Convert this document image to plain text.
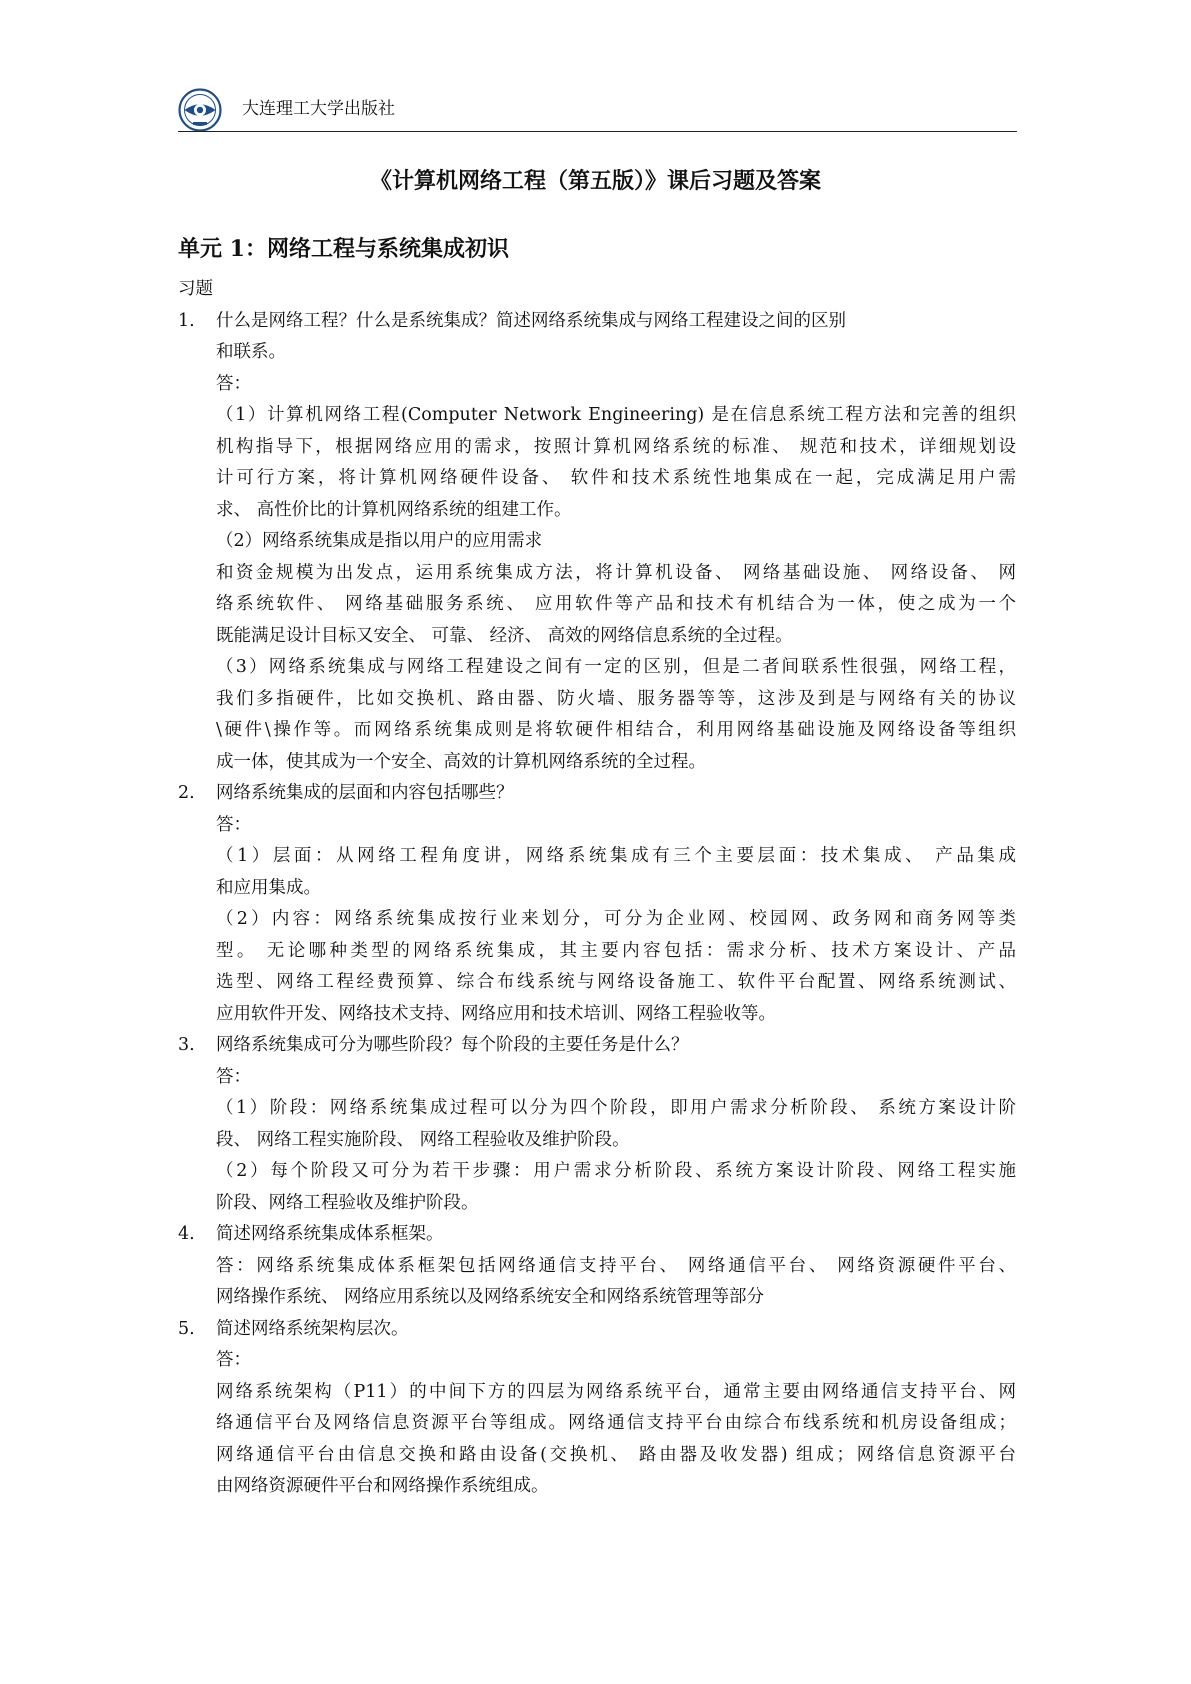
大连理工大学出版社
《计算机网络工程（第五版）》课后习题及答案
单元 1：网络工程与系统集成初识
习题
1. 什么是网络工程？什么是系统集成？简述网络系统集成与网络工程建设之间的区别
和联系。
答：
（1）计算机网络工程(Computer Network Engineering) 是在信息系统工程方法和完善的组织
机构指导下，根据网络应用的需求，按照计算机网络系统的标准、 规范和技术，详细规划设
计可行方案，将计算机网络硬件设备、 软件和技术系统性地集成在一起，完成满足用户需
求、 高性价比的计算机网络系统的组建工作。
（2）网络系统集成是指以用户的应用需求
和资金规模为出发点，运用系统集成方法，将计算机设备、 网络基础设施、 网络设备、 网
络系统软件、 网络基础服务系统、 应用软件等产品和技术有机结合为一体，使之成为一个
既能满足设计目标又安全、 可靠、 经济、 高效的网络信息系统的全过程。
（3）网络系统集成与网络工程建设之间有一定的区别，但是二者间联系性很强，网络工程，
我们多指硬件，比如交换机、路由器、防火墙、服务器等等，这涉及到是与网络有关的协议
\硬件\操作等。而网络系统集成则是将软硬件相结合，利用网络基础设施及网络设备等组织
成一体，使其成为一个安全、高效的计算机网络系统的全过程。
2. 网络系统集成的层面和内容包括哪些？
答：
（1）层面：从网络工程角度讲，网络系统集成有三个主要层面：技术集成、 产品集成
和应用集成。
（2）内容：网络系统集成按行业来划分，可分为企业网、校园网、政务网和商务网等类
型。 无论哪种类型的网络系统集成，其主要内容包括：需求分析、技术方案设计、产品
选型、网络工程经费预算、综合布线系统与网络设备施工、软件平台配置、网络系统测试、
应用软件开发、网络技术支持、网络应用和技术培训、网络工程验收等。
3. 网络系统集成可分为哪些阶段？每个阶段的主要任务是什么？
答：
（1）阶段：网络系统集成过程可以分为四个阶段，即用户需求分析阶段、 系统方案设计阶
段、 网络工程实施阶段、 网络工程验收及维护阶段。
（2）每个阶段又可分为若干步骤：用户需求分析阶段、系统方案设计阶段、网络工程实施
阶段、网络工程验收及维护阶段。
4. 简述网络系统集成体系框架。
答：网络系统集成体系框架包括网络通信支持平台、 网络通信平台、 网络资源硬件平台、
网络操作系统、 网络应用系统以及网络系统安全和网络系统管理等部分
5. 简述网络系统架构层次。
答：
网络系统架构（P11）的中间下方的四层为网络系统平台，通常主要由网络通信支持平台、网
络通信平台及网络信息资源平台等组成。网络通信支持平台由综合布线系统和机房设备组成；
网络通信平台由信息交换和路由设备(交换机、 路由器及收发器) 组成；网络信息资源平台
由网络资源硬件平台和网络操作系统组成。
